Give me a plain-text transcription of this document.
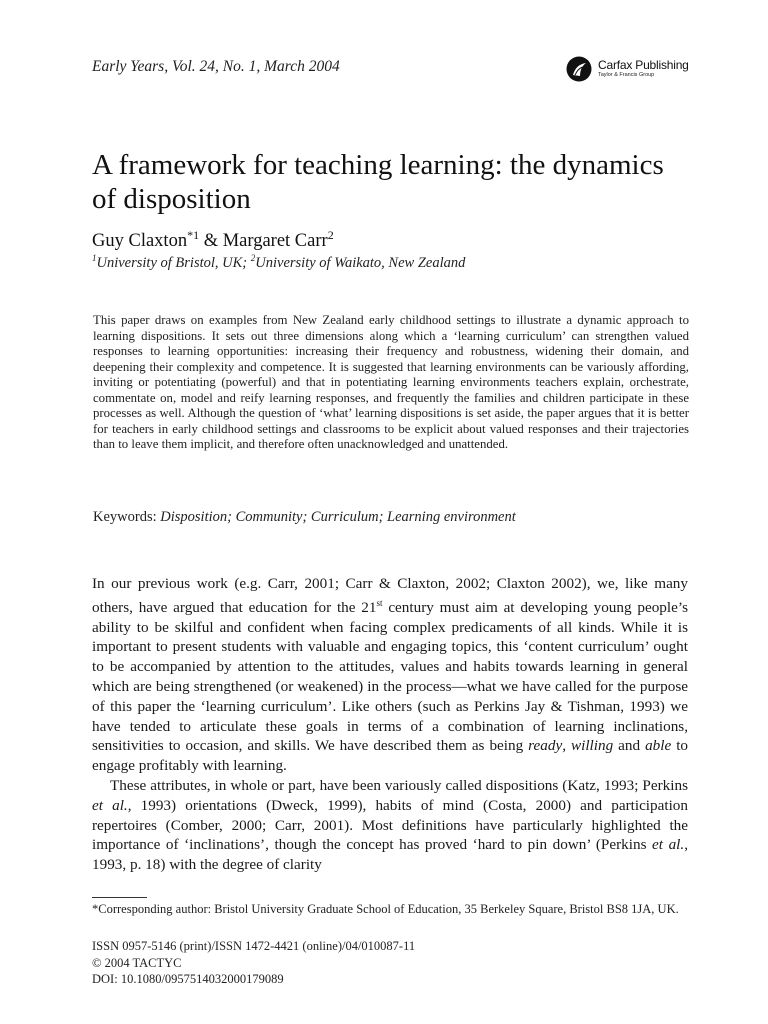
Early Years, Vol. 24, No. 1, March 2004	Carfax Publishing
Taylor & Francis Group
A framework for teaching learning: the dynamics of disposition
Guy Claxton$^{*1}$ & Margaret Carr$^2$
$^1$University of Bristol, UK; $^2$University of Waikato, New Zealand

This paper draws on examples from New Zealand early childhood settings to illustrate a dynamic approach to learning dispositions. It sets out three dimensions along which a ‘learning curriculum’ can strengthen valued responses to learning opportunities: increasing their frequency and robustness, widening their domain, and deepening their complexity and competence. It is suggested that learning environments can be variously affording, inviting or potentiating (powerful) and that in potentiating learning environments teachers explain, orchestrate, commentate on, model and reify learning responses, and frequently the families and children participate in these processes as well. Although the question of ‘what’ learning dispositions is set aside, the paper argues that it is better for teachers in early childhood settings and classrooms to be explicit about valued responses and their trajectories than to leave them implicit, and therefore often unacknowledged and unattended.

Keywords: Disposition; Community; Curriculum; Learning environment

In our previous work (e.g. Carr, 2001; Carr & Claxton, 2002; Claxton 2002), we, like many others, have argued that education for the 21st century must aim at developing young people’s ability to be skilful and confident when facing complex predicaments of all kinds. While it is important to present students with valuable and engaging topics, this ‘content curriculum’ ought to be accompanied by attention to the attitudes, values and habits towards learning in general which are being strengthened (or weakened) in the process—what we have called for the purpose of this paper the ‘learning curriculum’. Like others (such as Perkins Jay & Tishman, 1993) we have tended to articulate these goals in terms of a combination of learning inclinations, sensitivities to occasion, and skills. We have described them as being ready, willing and able to engage profitably with learning.

These attributes, in whole or part, have been variously called dispositions (Katz, 1993; Perkins et al., 1993) orientations (Dweck, 1999), habits of mind (Costa, 2000) and participation repertoires (Comber, 2000; Carr, 2001). Most definitions have particularly highlighted the importance of ‘inclinations’, though the concept has proved ‘hard to pin down’ (Perkins et al., 1993, p. 18) with the degree of clarity

*Corresponding author: Bristol University Graduate School of Education, 35 Berkeley Square, Bristol BS8 1JA, UK.
ISSN 0957-5146 (print)/ISSN 1472-4421 (online)/04/010087-11
© 2004 TACTYC
DOI: 10.1080/0957514032000179089
